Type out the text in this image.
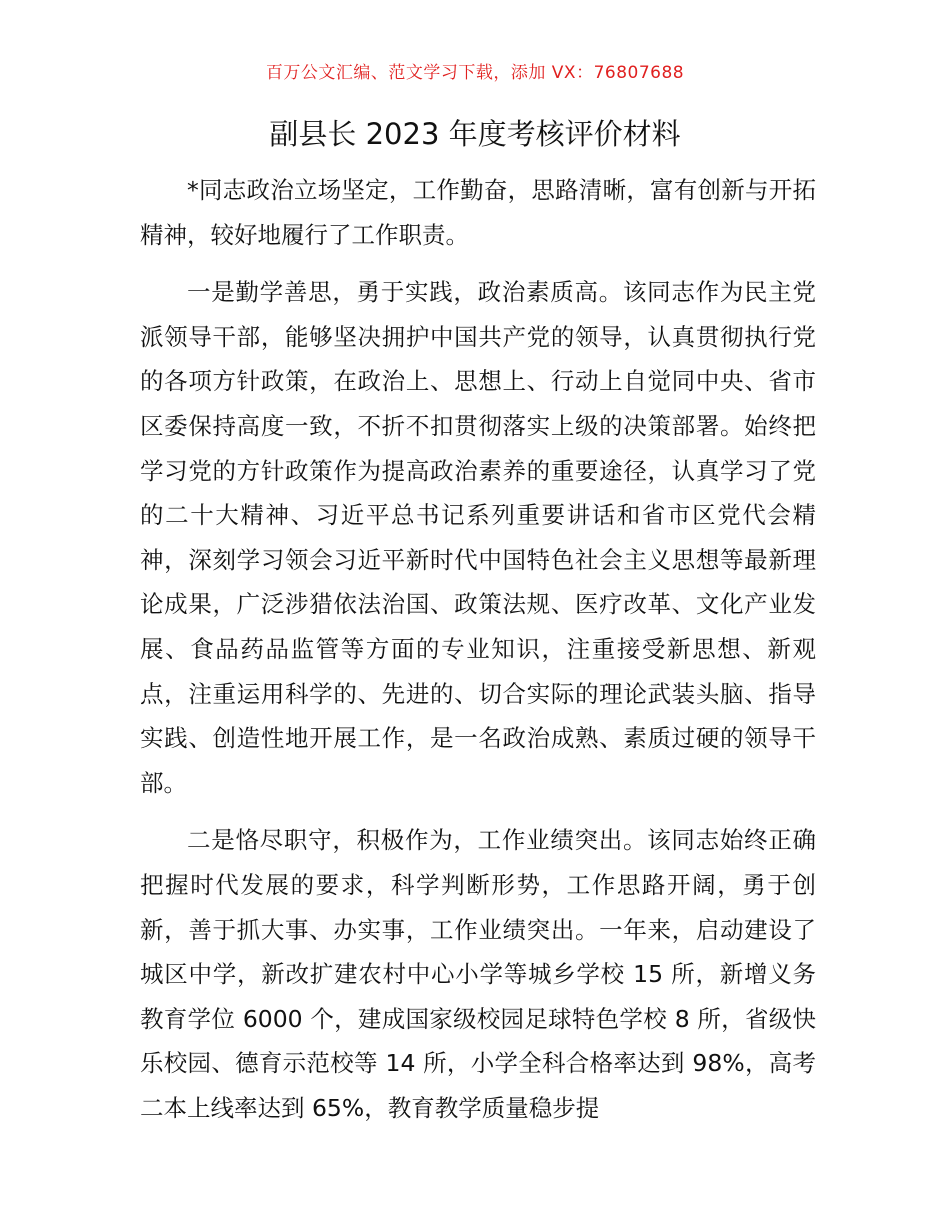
百万公文汇编、范文学习下载，添加 VX：76807688
副县长 2023 年度考核评价材料

*同志政治立场坚定，工作勤奋，思路清晰，富有创新与开拓精神，较好地履行了工作职责。

一是勤学善思，勇于实践，政治素质高。该同志作为民主党派领导干部，能够坚决拥护中国共产党的领导，认真贯彻执行党的各项方针政策，在政治上、思想上、行动上自觉同中央、省市区委保持高度一致，不折不扣贯彻落实上级的决策部署。始终把学习党的方针政策作为提高政治素养的重要途径，认真学习了党的二十大精神、习近平总书记系列重要讲话和省市区党代会精神，深刻学习领会习近平新时代中国特色社会主义思想等最新理论成果，广泛涉猎依法治国、政策法规、医疗改革、文化产业发展、食品药品监管等方面的专业知识，注重接受新思想、新观点，注重运用科学的、先进的、切合实际的理论武装头脑、指导实践、创造性地开展工作，是一名政治成熟、素质过硬的领导干部。

二是恪尽职守，积极作为，工作业绩突出。该同志始终正确把握时代发展的要求，科学判断形势，工作思路开阔，勇于创新，善于抓大事、办实事，工作业绩突出。一年来，启动建设了城区中学，新改扩建农村中心小学等城乡学校 15 所，新增义务教育学位 6000 个，建成国家级校园足球特色学校 8 所，省级快乐校园、德育示范校等 14 所，小学全科合格率达到 98%，高考二本上线率达到 65%，教育教学质量稳步提
